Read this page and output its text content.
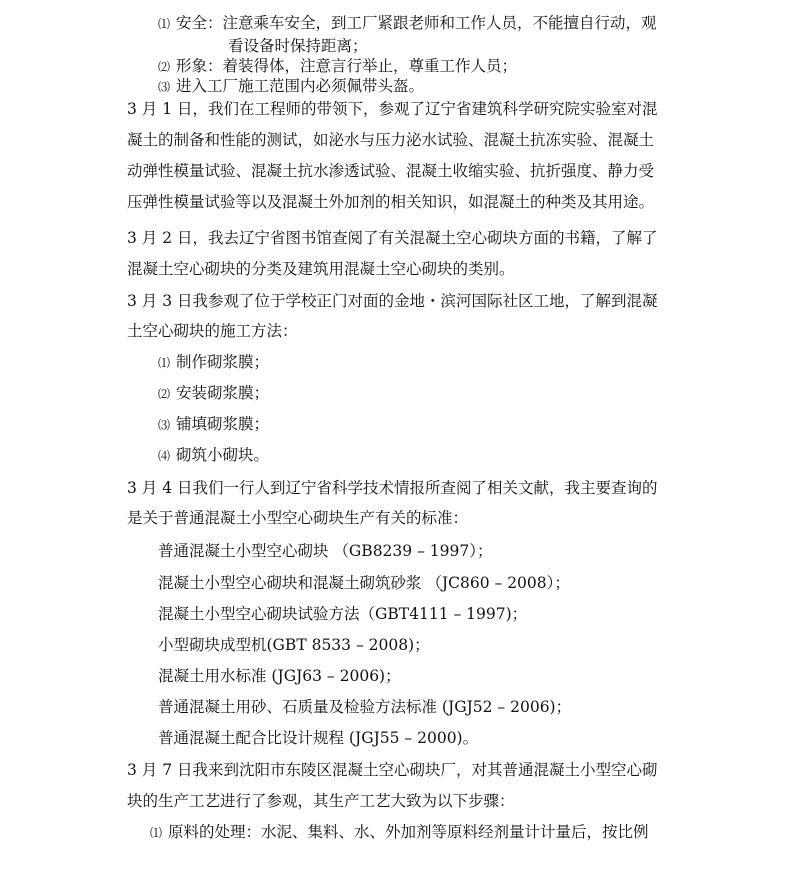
⑴ 安全：注意乘车安全，到工厂紧跟老师和工作人员，不能擅自行动，观
看设备时保持距离；
⑵ 形象：着装得体，注意言行举止，尊重工作人员；
⑶ 进入工厂施工范围内必须佩带头盔。
3 月 1 日，我们在工程师的带领下，参观了辽宁省建筑科学研究院实验室对混
凝土的制备和性能的测试，如泌水与压力泌水试验、混凝土抗冻实验、混凝土
动弹性模量试验、混凝土抗水渗透试验、混凝土收缩实验、抗折强度、静力受
压弹性模量试验等以及混凝土外加剂的相关知识，如混凝土的种类及其用途。
3 月 2 日，我去辽宁省图书馆查阅了有关混凝土空心砌块方面的书籍，了解了
混凝土空心砌块的分类及建筑用混凝土空心砌块的类别。
3 月 3 日我参观了位于学校正门对面的金地・滨河国际社区工地，了解到混凝
土空心砌块的施工方法：
⑴ 制作砌浆膜；
⑵ 安装砌浆膜；
⑶ 铺填砌浆膜；
⑷ 砌筑小砌块。
3 月 4 日我们一行人到辽宁省科学技术情报所查阅了相关文献，我主要查询的
是关于普通混凝土小型空心砌块生产有关的标准：
普通混凝土小型空心砌块 （GB8239 – 1997）；
混凝土小型空心砌块和混凝土砌筑砂浆 （JC860 – 2008）；
混凝土小型空心砌块试验方法（GBT4111 – 1997)；
小型砌块成型机(GBT 8533 – 2008)；
混凝土用水标准 (JGJ63 – 2006)；
普通混凝土用砂、石质量及检验方法标准 (JGJ52 – 2006)；
普通混凝土配合比设计规程 (JGJ55 – 2000)。
3 月 7 日我来到沈阳市东陵区混凝土空心砌块厂，对其普通混凝土小型空心砌
块的生产工艺进行了参观，其生产工艺大致为以下步骤：
⑴ 原料的处理：水泥、集料、水、外加剂等原料经剂量计计量后，按比例
